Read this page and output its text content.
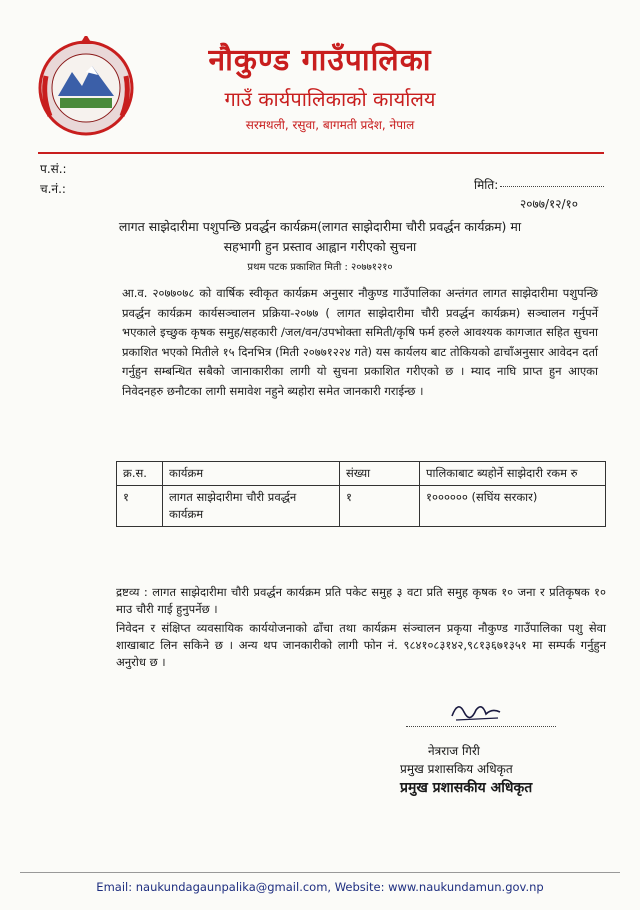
नौकुण्ड गाउँपालिका
गाउँ कार्यपालिकाको कार्यालय
सरमथली, रसुवा, बागमती प्रदेश, नेपाल
प.सं.:
च.नं.:	मिति:
२०७७/१२/१०
लागत साझेदारीमा पशुपन्छि प्रवर्द्धन कार्यक्रम(लागत साझेदारीमा चौरी प्रवर्द्धन कार्यक्रम) मा सहभागी हुन प्रस्ताव आह्वान गरीएको सुचना
प्रथम पटक प्रकाशित मिती : २०७७१२१०
आ.व. २०७७०७८ को वार्षिक स्वीकृत कार्यक्रम अनुसार नौकुण्ड गाउँपालिका अन्तंगत लागत साझेदारीमा पशुपन्छि प्रवर्द्धन कार्यक्रम कार्यसञ्चालन प्रक्रिया-२०७७ ( लागत साझेदारीमा चौरी प्रवर्द्धन कार्यक्रम) सञ्चालन गर्नुपर्ने भएकाले इच्छुक कृषक समुह/सहकारी /जल/वन/उपभोक्ता समिती/कृषि फर्म हरुले आवश्यक कागजात सहित सुचना प्रकाशित भएको मितीले १५ दिनभित्र (मिती २०७७१२२४ गते) यस कार्यलय बाट तोकियको ढाचाँअनुसार आवेदन दर्ता गर्नुहुन सम्बन्धित सबैको जानाकारीका लागी यो सुचना प्रकाशित गरीएको छ । म्याद नाघि प्राप्त हुन आएका निवेदनहरु छनौटका लागी समावेश नहुने ब्यहोरा समेत जानकारी गराईन्छ ।
क्र.स.	कार्यक्रम	संख्या	पालिकाबाट ब्यहोर्ने साझेदारी रकम रु
१	लागत साझेदारीमा चौरी प्रवर्द्धन कार्यक्रम	१	१०००००० (सघिंय सरकार)
द्रष्टव्य : लागत साझेदारीमा चौरी प्रवर्द्धन कार्यक्रम प्रति पकेट समुह ३ वटा प्रति समुह कृषक १० जना र प्रतिकृषक १० माउ चौरी गाई हुनुपर्नेछ ।
निवेदन र संक्षिप्त व्यवसायिक कार्ययोजनाको ढाँचा तथा कार्यक्रम संञ्चालन प्रकृया नौकुण्ड गाउँपालिका पशु सेवा शाखाबाट लिन सकिने छ । अन्य थप जानकारीको लागी फोन नं. ९८४१०८३१४२,९८१३६७१३५१ मा सम्पर्क गर्नुहुन अनुरोध छ ।
नेत्रराज गिरी
प्रमुख प्रशासकिय अधिकृत
प्रमुख प्रशासकीय अधिकृत
Email: naukundagaunpalika@gmail.com, Website: www.naukundamun.gov.np
